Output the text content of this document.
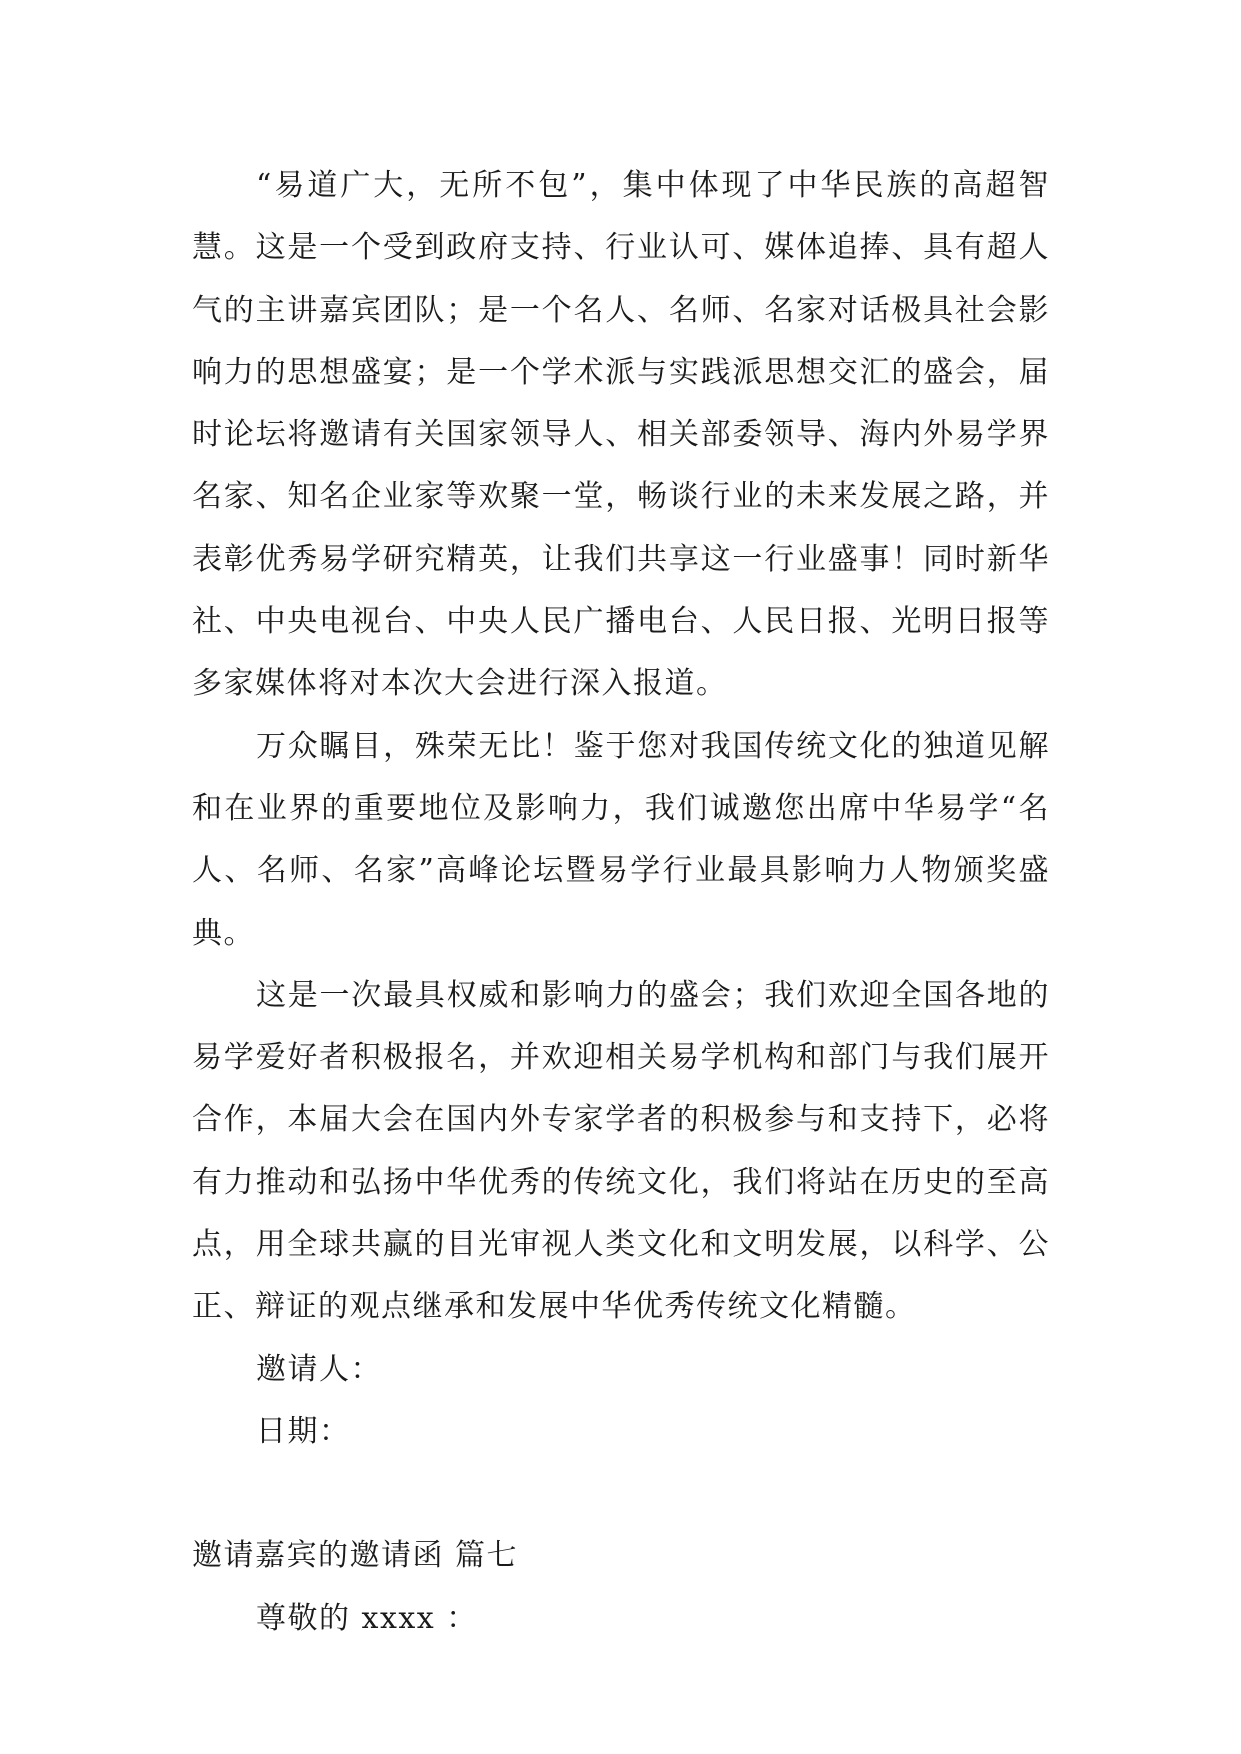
“易道广大，无所不包”，集中体现了中华民族的高超智慧。这是一个受到政府支持、行业认可、媒体追捧、具有超人气的主讲嘉宾团队；是一个名人、名师、名家对话极具社会影响力的思想盛宴；是一个学术派与实践派思想交汇的盛会，届时论坛将邀请有关国家领导人、相关部委领导、海内外易学界名家、知名企业家等欢聚一堂，畅谈行业的未来发展之路，并表彰优秀易学研究精英，让我们共享这一行业盛事！同时新华社、中央电视台、中央人民广播电台、人民日报、光明日报等多家媒体将对本次大会进行深入报道。

万众瞩目，殊荣无比！鉴于您对我国传统文化的独道见解和在业界的重要地位及影响力，我们诚邀您出席中华易学“名人、名师、名家”高峰论坛暨易学行业最具影响力人物颁奖盛典。

这是一次最具权威和影响力的盛会；我们欢迎全国各地的易学爱好者积极报名，并欢迎相关易学机构和部门与我们展开合作，本届大会在国内外专家学者的积极参与和支持下，必将有力推动和弘扬中华优秀的传统文化，我们将站在历史的至高点，用全球共赢的目光审视人类文化和文明发展，以科学、公正、辩证的观点继承和发展中华优秀传统文化精髓。

邀请人：

日期：

邀请嘉宾的邀请函 篇七

尊敬的 xxxx ：
